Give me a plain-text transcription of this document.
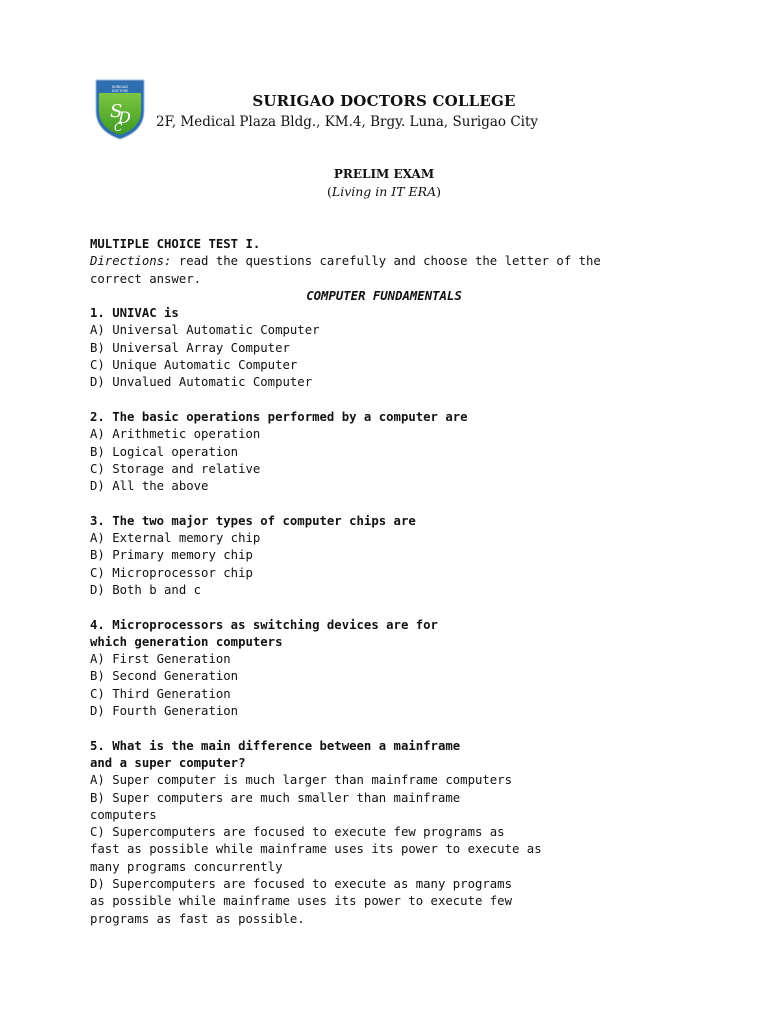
SURIGAO
DOCTORS
S
D
C
SURIGAO DOCTORS COLLEGE
2F, Medical Plaza Bldg., KM.4, Brgy. Luna, Surigao City
PRELIM EXAM
(Living in IT ERA)
MULTIPLE CHOICE TEST I.
Directions: read the questions carefully and choose the letter of the
correct answer.
COMPUTER FUNDAMENTALS
1. UNIVAC is
A) Universal Automatic Computer
B) Universal Array Computer
C) Unique Automatic Computer
D) Unvalued Automatic Computer
2. The basic operations performed by a computer are
A) Arithmetic operation
B) Logical operation
C) Storage and relative
D) All the above
3. The two major types of computer chips are
A) External memory chip
B) Primary memory chip
C) Microprocessor chip
D) Both b and c
4. Microprocessors as switching devices are for
which generation computers
A) First Generation
B) Second Generation
C) Third Generation
D) Fourth Generation
5. What is the main difference between a mainframe
and a super computer?
A) Super computer is much larger than mainframe computers
B) Super computers are much smaller than mainframe
computers
C) Supercomputers are focused to execute few programs as
fast as possible while mainframe uses its power to execute as
many programs concurrently
D) Supercomputers are focused to execute as many programs
as possible while mainframe uses its power to execute few
programs as fast as possible.
